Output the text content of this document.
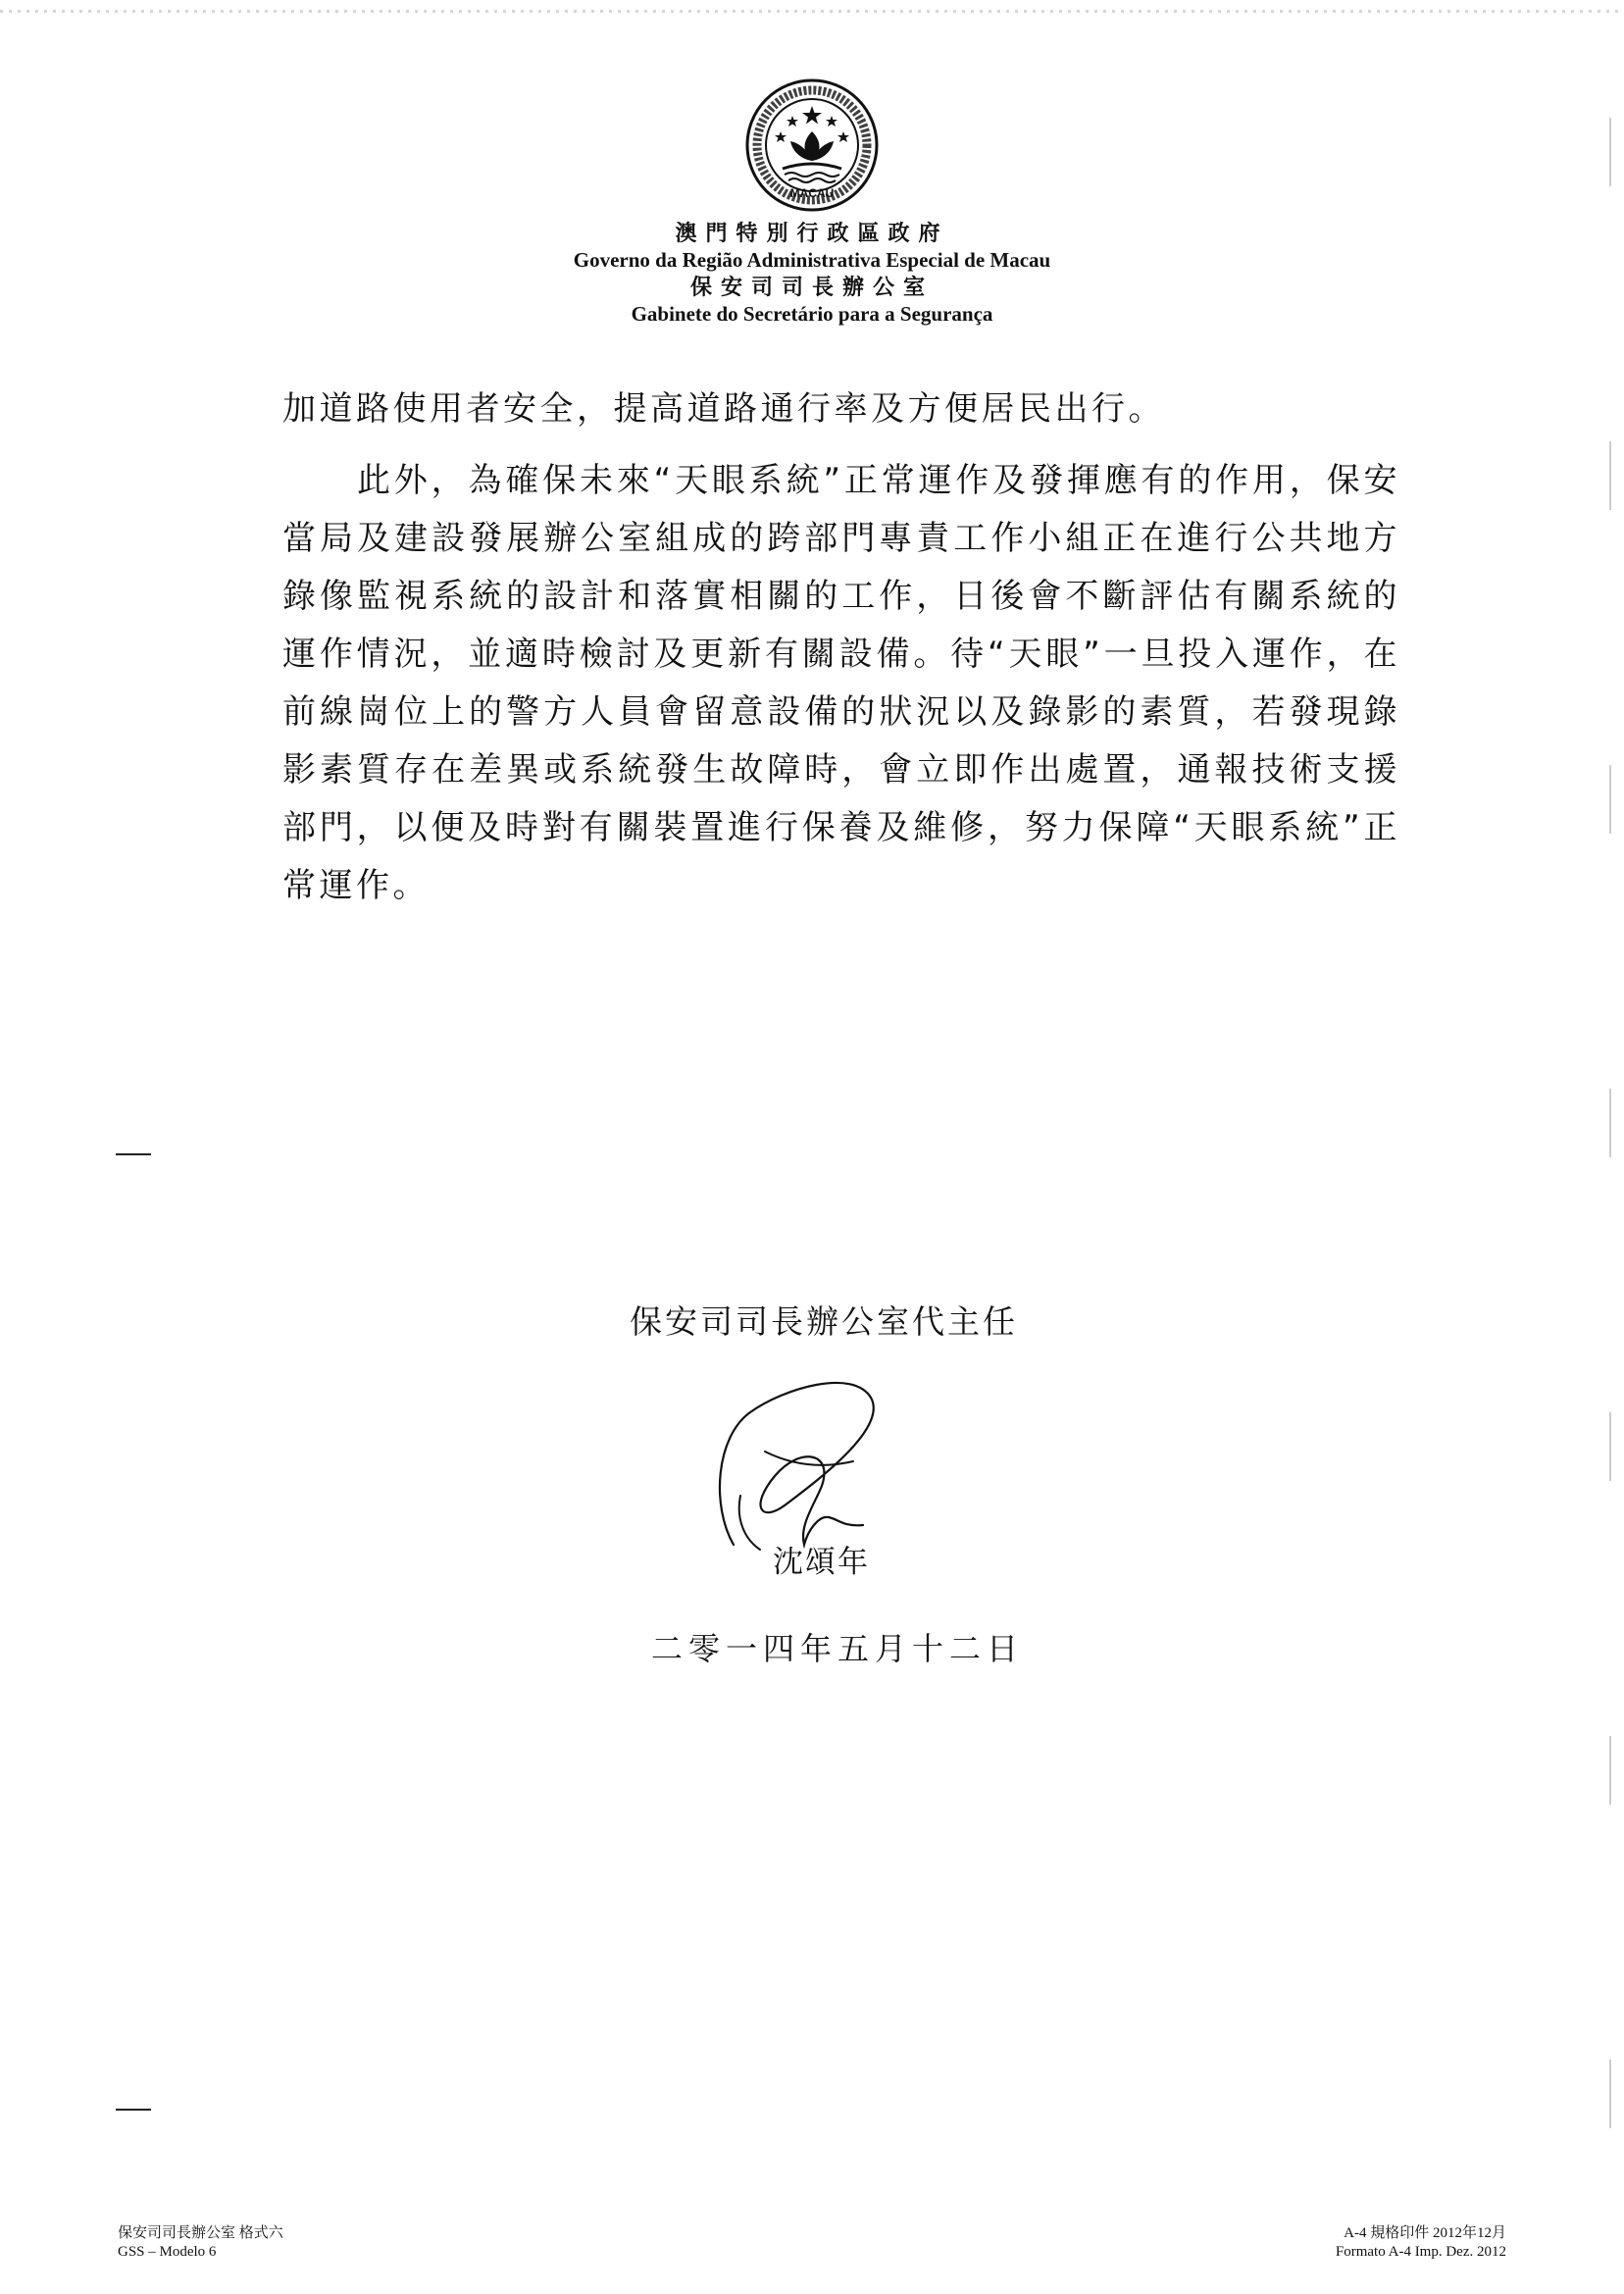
MACAU

澳門特別行政區政府

Governo da Região Administrativa Especial de Macau

保安司司長辦公室

Gabinete do Secretário para a Segurança

加道路使用者安全，提高道路通行率及方便居民出行。

此外，為確保未來“天眼系統”正常運作及發揮應有的作用，保安當局及建設發展辦公室組成的跨部門專責工作小組正在進行公共地方錄像監視系統的設計和落實相關的工作，日後會不斷評估有關系統的運作情況，並適時檢討及更新有關設備。待“天眼”一旦投入運作，在前線崗位上的警方人員會留意設備的狀況以及錄影的素質，若發現錄影素質存在差異或系統發生故障時，會立即作出處置，通報技術支援部門，以便及時對有關裝置進行保養及維修，努力保障“天眼系統”正常運作。

保安司司長辦公室代主任
沈頌年
二零一四年五月十二日
保安司司長辦公室 格式六
GSS – Modelo 6
A-4 規格印件 2012年12月
Formato A-4 Imp. Dez. 2012
